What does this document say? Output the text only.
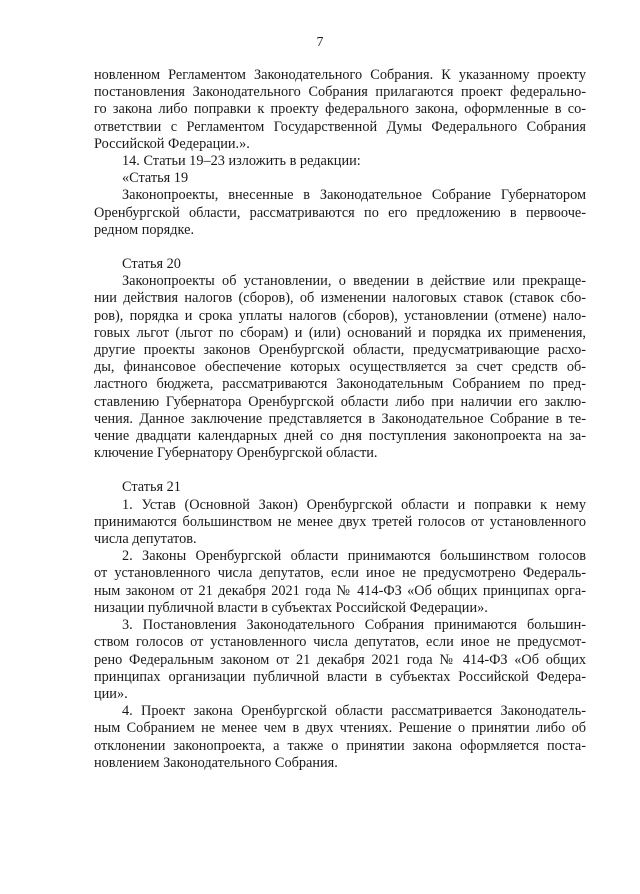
7
новленном Регламентом Законодательного Собрания. К указанному проекту
постановления Законодательного Собрания прилагаются проект федерально-
го закона либо поправки к проекту федерального закона, оформленные в со-
ответствии с Регламентом Государственной Думы Федерального Собрания
Российской Федерации.».
14. Статьи 19–23 изложить в редакции:
«Статья 19
Законопроекты, внесенные в Законодательное Собрание Губернатором
Оренбургской области, рассматриваются по его предложению в первооче-
редном порядке.
Статья 20
Законопроекты об установлении, о введении в действие или прекраще-
нии действия налогов (сборов), об изменении налоговых ставок (ставок сбо-
ров), порядка и срока уплаты налогов (сборов), установлении (отмене) нало-
говых льгот (льгот по сборам) и (или) оснований и порядка их применения,
другие проекты законов Оренбургской области, предусматривающие расхо-
ды, финансовое обеспечение которых осуществляется за счет средств об-
ластного бюджета, рассматриваются Законодательным Собранием по пред-
ставлению Губернатора Оренбургской области либо при наличии его заклю-
чения. Данное заключение представляется в Законодательное Собрание в те-
чение двадцати календарных дней со дня поступления законопроекта на за-
ключение Губернатору Оренбургской области.
Статья 21
1. Устав (Основной Закон) Оренбургской области и поправки к нему
принимаются большинством не менее двух третей голосов от установленного
числа депутатов.
2. Законы Оренбургской области принимаются большинством голосов
от установленного числа депутатов, если иное не предусмотрено Федераль-
ным законом от 21 декабря 2021 года № 414-ФЗ «Об общих принципах орга-
низации публичной власти в субъектах Российской Федерации».
3. Постановления Законодательного Собрания принимаются большин-
ством голосов от установленного числа депутатов, если иное не предусмот-
рено Федеральным законом от 21 декабря 2021 года № 414-ФЗ «Об общих
принципах организации публичной власти в субъектах Российской Федера-
ции».
4. Проект закона Оренбургской области рассматривается Законодатель-
ным Собранием не менее чем в двух чтениях. Решение о принятии либо об
отклонении законопроекта, а также о принятии закона оформляется поста-
новлением Законодательного Собрания.
